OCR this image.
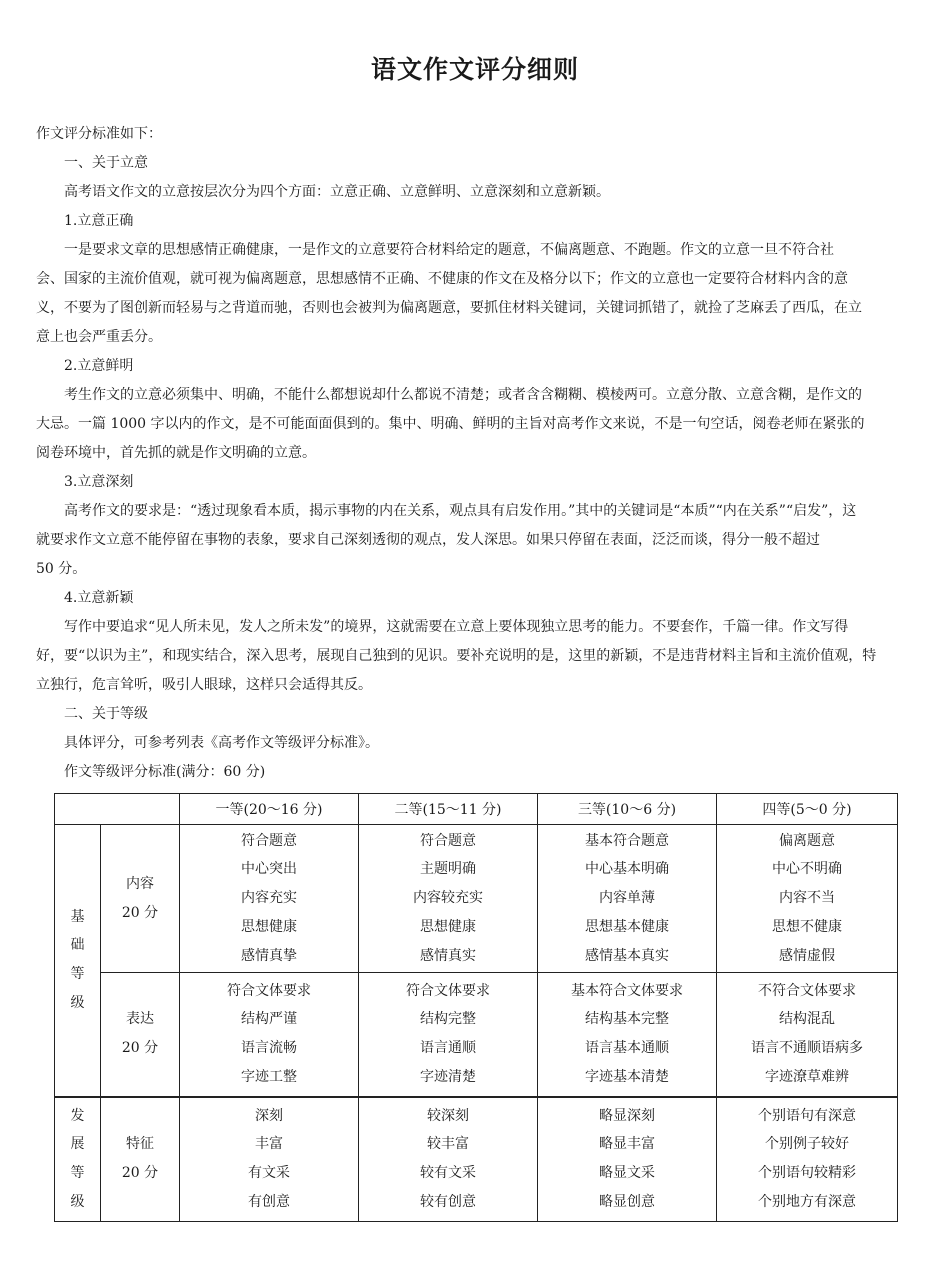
语文作文评分细则
作文评分标准如下：
一、关于立意
高考语文作文的立意按层次分为四个方面：立意正确、立意鲜明、立意深刻和立意新颖。
1.立意正确
一是要求文章的思想感情正确健康，一是作文的立意要符合材料给定的题意，不偏离题意、不跑题。作文的立意一旦不符合社
会、国家的主流价值观，就可视为偏离题意，思想感情不正确、不健康的作文在及格分以下；作文的立意也一定要符合材料内含的意
义，不要为了图创新而轻易与之背道而驰，否则也会被判为偏离题意，要抓住材料关键词，关键词抓错了，就捡了芝麻丢了西瓜，在立
意上也会严重丢分。
2.立意鲜明
考生作文的立意必须集中、明确，不能什么都想说却什么都说不清楚；或者含含糊糊、模棱两可。立意分散、立意含糊，是作文的
大忌。一篇 1000 字以内的作文，是不可能面面俱到的。集中、明确、鲜明的主旨对高考作文来说，不是一句空话，阅卷老师在紧张的
阅卷环境中，首先抓的就是作文明确的立意。
3.立意深刻
高考作文的要求是：“透过现象看本质，揭示事物的内在关系，观点具有启发作用。”其中的关键词是“本质”“内在关系”“启发”，这
就要求作文立意不能停留在事物的表象，要求自己深刻透彻的观点，发人深思。如果只停留在表面，泛泛而谈，得分一般不超过
50 分。
4.立意新颖
写作中要追求“见人所未见，发人之所未发”的境界，这就需要在立意上要体现独立思考的能力。不要套作，千篇一律。作文写得
好，要“以识为主”，和现实结合，深入思考，展现自己独到的见识。要补充说明的是，这里的新颖，不是违背材料主旨和主流价值观，特
立独行，危言耸听，吸引人眼球，这样只会适得其反。
二、关于等级
具体评分，可参考列表《高考作文等级评分标准》。
作文等级评分标准(满分：60 分)
		一等(20～16 分)	二等(15～11 分)	三等(10～6 分)	四等(5～0 分)

基
础
等
级	内容
20 分	符合题意
中心突出
内容充实
思想健康
感情真挚	符合题意
主题明确
内容较充实
思想健康
感情真实	基本符合题意
中心基本明确
内容单薄
思想基本健康
感情基本真实	偏离题意
中心不明确
内容不当
思想不健康
感情虚假

	表达
20 分	符合文体要求
结构严谨
语言流畅
字迹工整	符合文体要求
结构完整
语言通顺
字迹清楚	基本符合文体要求
结构基本完整
语言基本通顺
字迹基本清楚	不符合文体要求
结构混乱
语言不通顺语病多
字迹潦草难辨

发
展
等
级	特征
20 分	深刻
丰富
有文采
有创意	较深刻
较丰富
较有文采
较有创意	略显深刻
略显丰富
略显文采
略显创意	个别语句有深意
个别例子较好
个别语句较精彩
个别地方有深意
